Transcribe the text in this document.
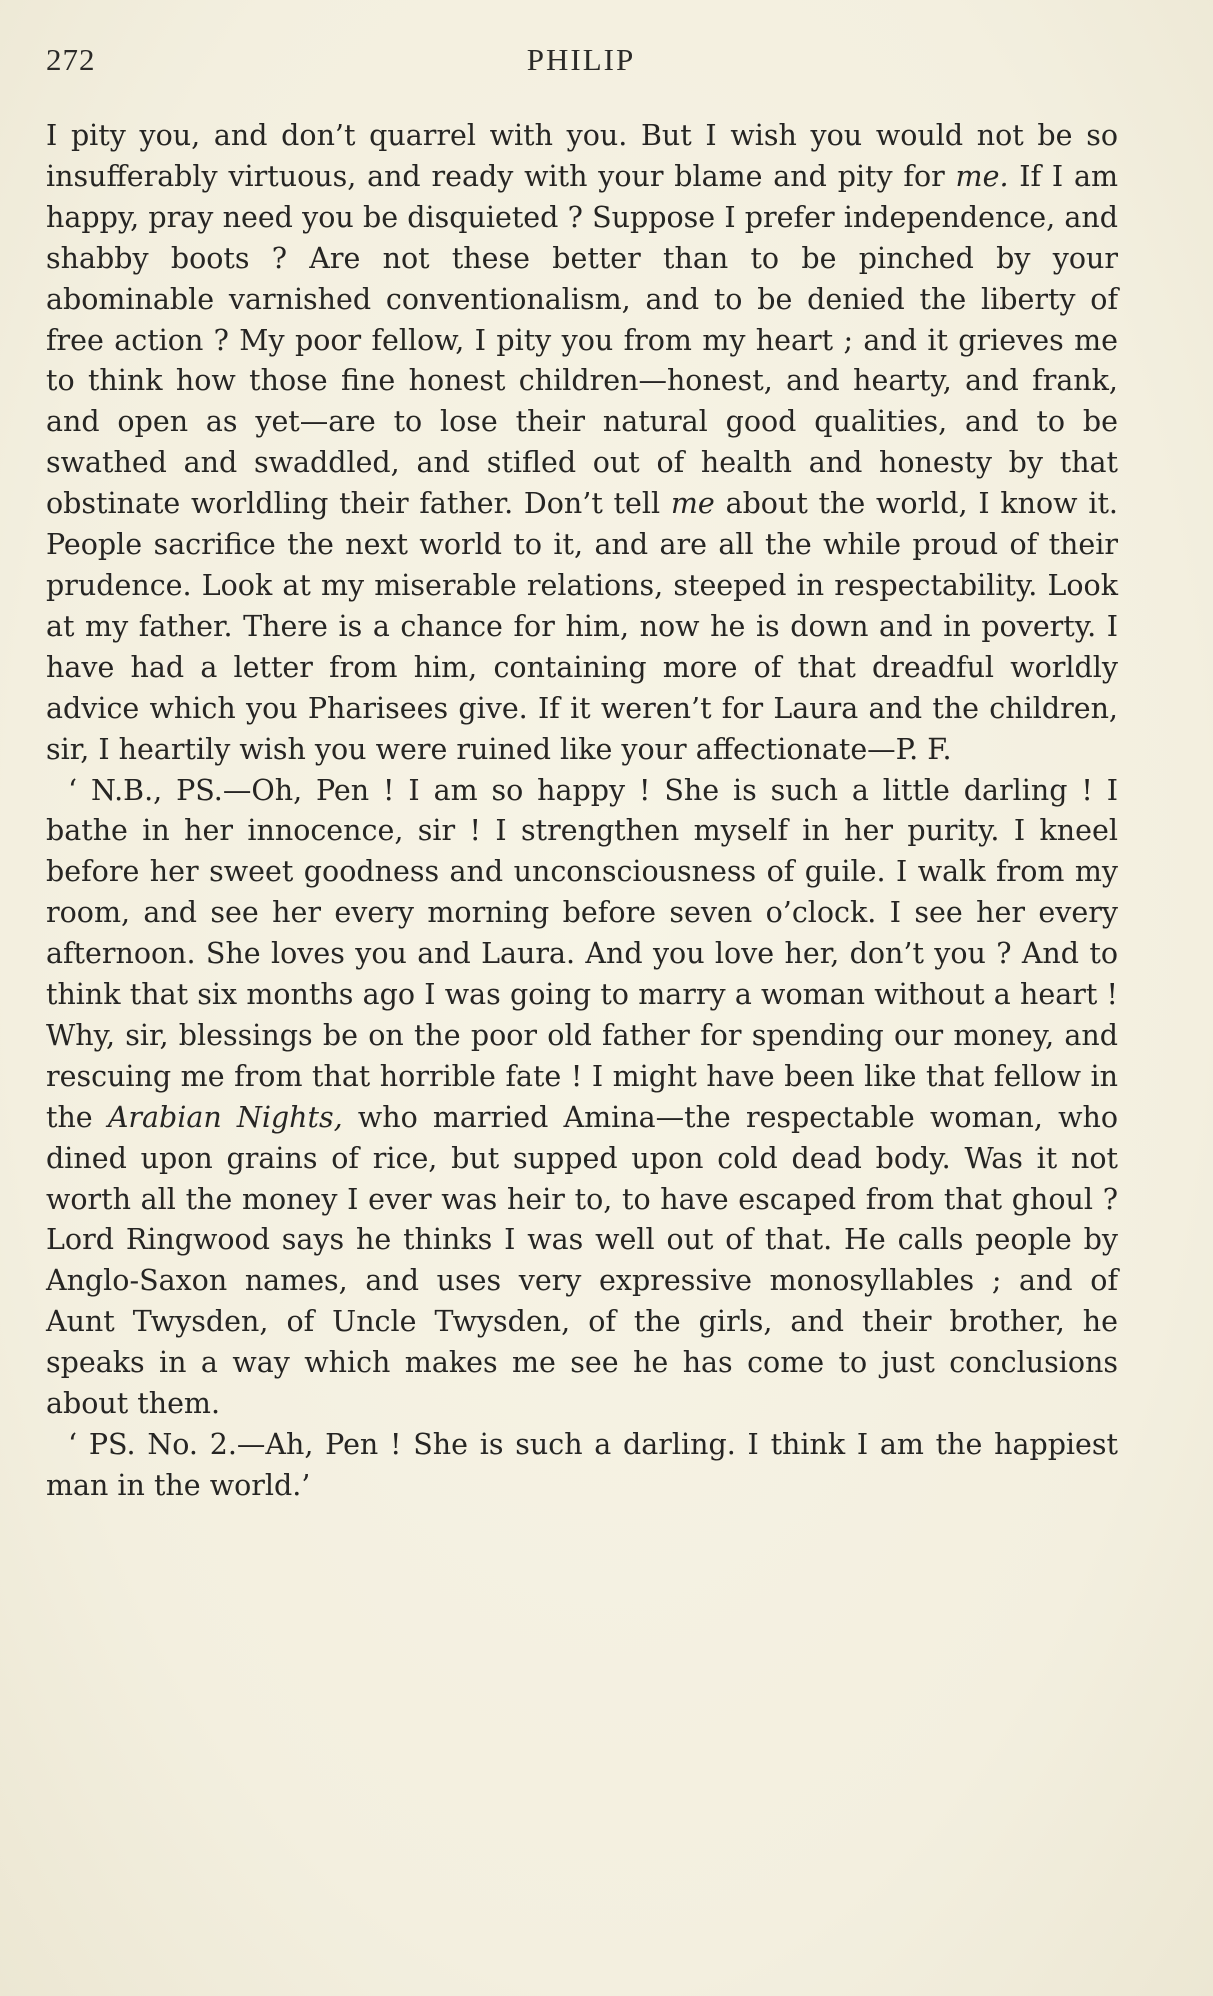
272	PHILIP

I pity you, and don’t quarrel with you. But I wish you would not be so insufferably virtuous, and ready with your blame and pity for me. If I am happy, pray need you be disquieted ? Suppose I prefer independence, and shabby boots ? Are not these better than to be pinched by your abominable varnished conventionalism, and to be denied the liberty of free action ? My poor fellow, I pity you from my heart ; and it grieves me to think how those fine honest children—honest, and hearty, and frank, and open as yet—are to lose their natural good qualities, and to be swathed and swaddled, and stifled out of health and honesty by that obstinate worldling their father. Don’t tell me about the world, I know it. People sacrifice the next world to it, and are all the while proud of their prudence. Look at my miserable relations, steeped in respectability. Look at my father. There is a chance for him, now he is down and in poverty. I have had a letter from him, containing more of that dreadful worldly advice which you Pharisees give. If it weren’t for Laura and the children, sir, I heartily wish you were ruined like your affectionate—P. F.

‘ N.B., PS.—Oh, Pen ! I am so happy ! She is such a little darling ! I bathe in her innocence, sir ! I strengthen myself in her purity. I kneel before her sweet goodness and unconsciousness of guile. I walk from my room, and see her every morning before seven o’clock. I see her every afternoon. She loves you and Laura. And you love her, don’t you ? And to think that six months ago I was going to marry a woman without a heart ! Why, sir, blessings be on the poor old father for spending our money, and rescuing me from that horrible fate ! I might have been like that fellow in the Arabian Nights, who married Amina—the respectable woman, who dined upon grains of rice, but supped upon cold dead body. Was it not worth all the money I ever was heir to, to have escaped from that ghoul ? Lord Ringwood says he thinks I was well out of that. He calls people by Anglo-Saxon names, and uses very expressive monosyllables ; and of Aunt Twysden, of Uncle Twysden, of the girls, and their brother, he speaks in a way which makes me see he has come to just conclusions about them.

‘ PS. No. 2.—Ah, Pen ! She is such a darling. I think I am the happiest man in the world.’
